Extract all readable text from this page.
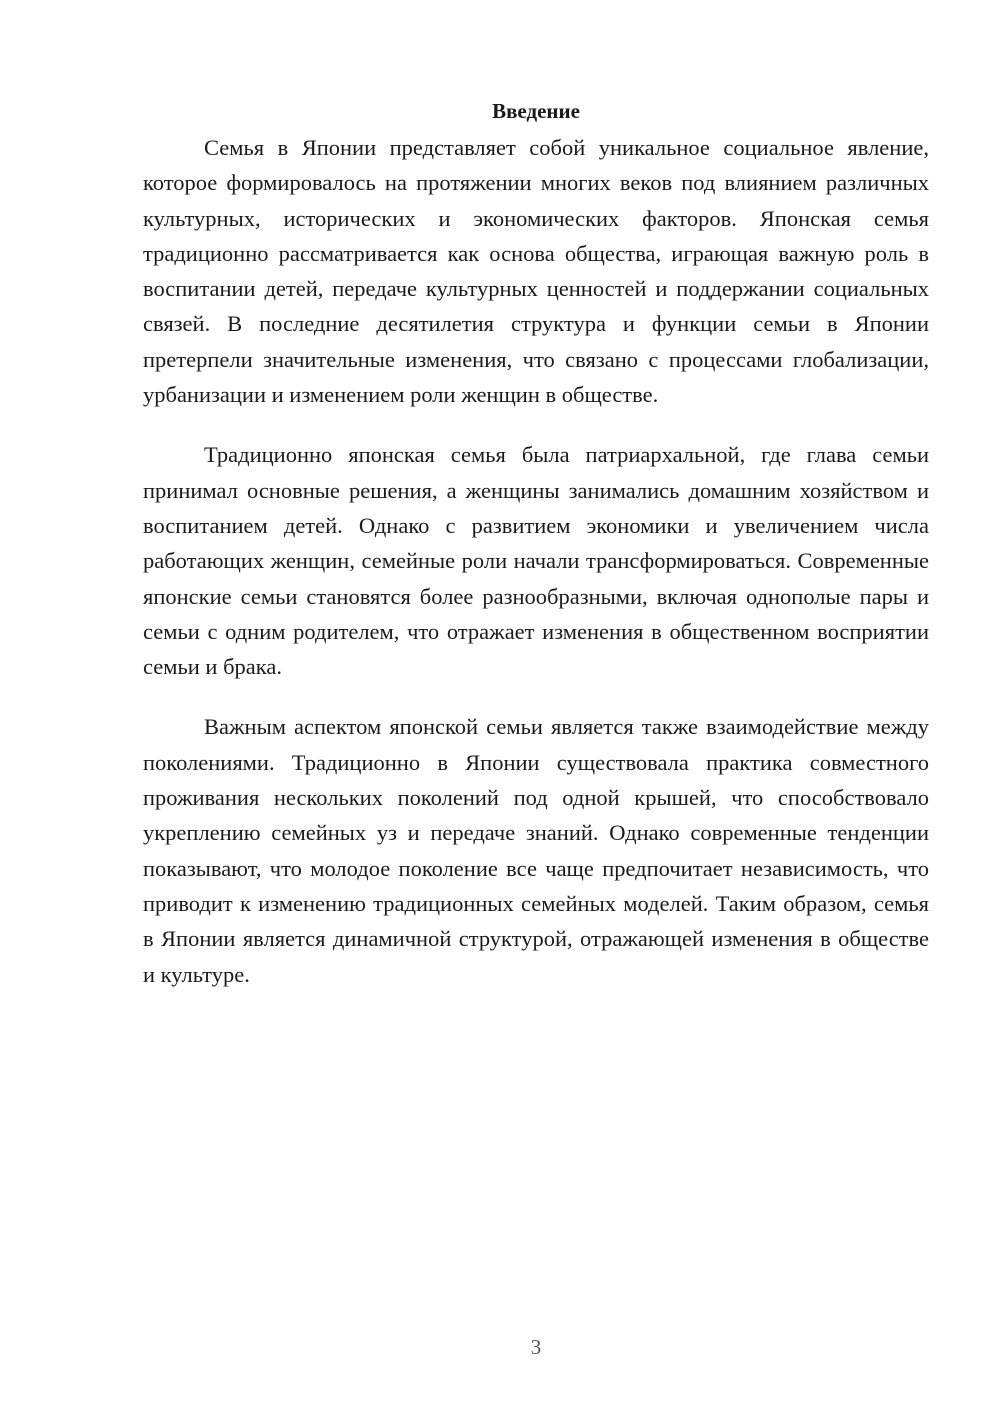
Введение

Семья в Японии представляет собой уникальное социальное явление, которое формировалось на протяжении многих веков под влиянием различных культурных, исторических и экономических факторов. Японская семья традиционно рассматривается как основа общества, играющая важную роль в воспитании детей, передаче культурных ценностей и поддержании социальных связей. В последние десятилетия структура и функции семьи в Японии претерпели значительные изменения, что связано с процессами глобализации, урбанизации и изменением роли женщин в обществе.

Традиционно японская семья была патриархальной, где глава семьи принимал основные решения, а женщины занимались домашним хозяйством и воспитанием детей. Однако с развитием экономики и увеличением числа работающих женщин, семейные роли начали трансформироваться. Современные японские семьи становятся более разнообразными, включая однополые пары и семьи с одним родителем, что отражает изменения в общественном восприятии семьи и брака.

Важным аспектом японской семьи является также взаимодействие между поколениями. Традиционно в Японии существовала практика совместного проживания нескольких поколений под одной крышей, что способствовало укреплению семейных уз и передаче знаний. Однако современные тенденции показывают, что молодое поколение все чаще предпочитает независимость, что приводит к изменению традиционных семейных моделей. Таким образом, семья в Японии является динамичной структурой, отражающей изменения в обществе и культуре.

3
